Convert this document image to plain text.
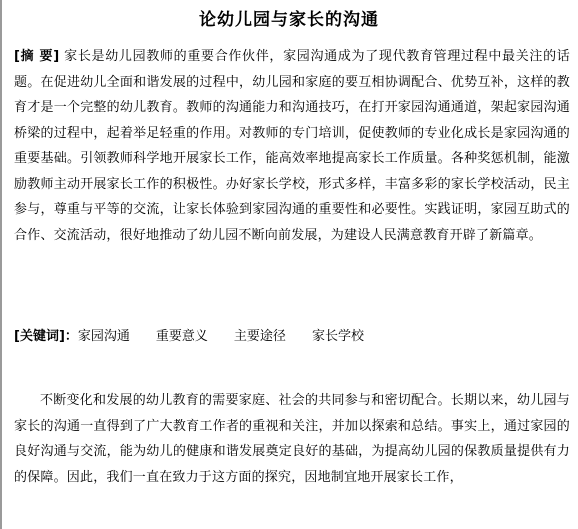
论幼儿园与家长的沟通
[摘 要] 家长是幼儿园教师的重要合作伙伴，家园沟通成为了现代教育管理过程中最关注的话题。在促进幼儿全面和谐发展的过程中，幼儿园和家庭的要互相协调配合、优势互补，这样的教育才是一个完整的幼儿教育。教师的沟通能力和沟通技巧，在打开家园沟通通道，架起家园沟通桥梁的过程中，起着举足轻重的作用。对教师的专门培训，促使教师的专业化成长是家园沟通的重要基础。引领教师科学地开展家长工作，能高效率地提高家长工作质量。各种奖惩机制，能激励教师主动开展家长工作的积极性。办好家长学校，形式多样，丰富多彩的家长学校活动，民主参与，尊重与平等的交流，让家长体验到家园沟通的重要性和必要性。实践证明，家园互助式的合作、交流活动，很好地推动了幼儿园不断向前发展，为建设人民满意教育开辟了新篇章。
[关键词]：家园沟通 重要意义 主要途径 家长学校
不断变化和发展的幼儿教育的需要家庭、社会的共同参与和密切配合。长期以来，幼儿园与家长的沟通一直得到了广大教育工作者的重视和关注，并加以探索和总结。事实上，通过家园的良好沟通与交流，能为幼儿的健康和谐发展奠定良好的基础，为提高幼儿园的保教质量提供有力的保障。因此，我们一直在致力于这方面的探究，因地制宜地开展家长工作，
